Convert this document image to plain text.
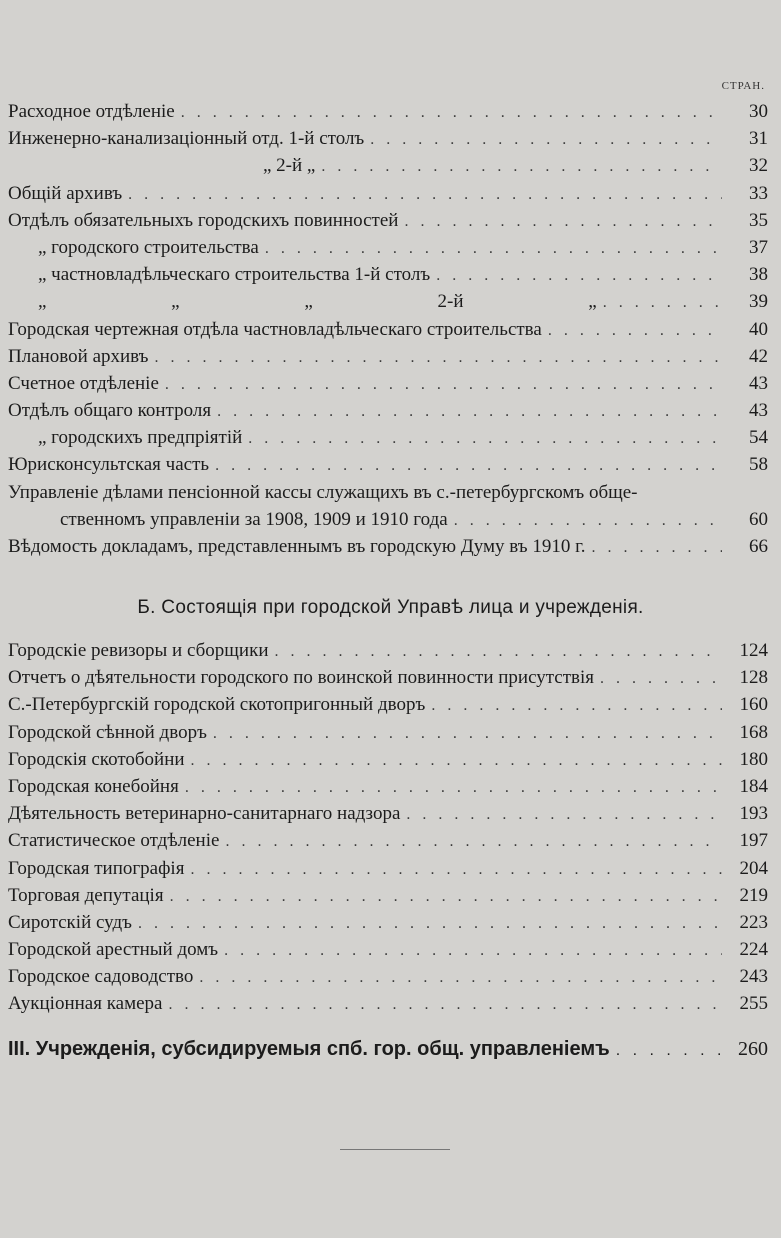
СТРАН.
Расходное отдѣленiе . . .	30
Инженерно-канализацiонный отд. 1-й столъ . . .	31
„ 2-й „ . . .	32
Общiй архивъ . . .	33
Отдѣлъ обязательныхъ городскихъ повинностей . . .	35
„ городского строительства . . .	37
„ частновладѣльческаго строительства 1-й столъ . . .	38
„ „ „ 2-й „ . . .	39
Городская чертежная отдѣла частновладѣльческаго строительства . . .	40
Плановой архивъ . . .	42
Счетное отдѣленiе . . .	43
Отдѣлъ общаго контроля . . .	43
„ городскихъ предпрiятiй . . .	54
Юрисконсультская часть . . .	58
Управленiе дѣлами пенсiонной кассы служащихъ въ с.-петербургскомъ обще-
ственномъ управленiи за 1908, 1909 и 1910 года . . .	60
Вѣдомость докладамъ, представленнымъ въ городскую Думу въ 1910 г. . . .	66
Б. Состоящiя при городской Управѣ лица и учрежденiя.
Городскiе ревизоры и сборщики . . .	124
Отчетъ о дѣятельности городского по воинской повинности присутствiя . . .	128
С.-Петербургскiй городской скотопригонный дворъ . . .	160
Городской сѣнной дворъ . . .	168
Городскiя скотобойни . . .	180
Городская конебойня . . .	184
Дѣятельность ветеринарно-санитарнаго надзора . . .	193
Статистическое отдѣленiе . . .	197
Городская типографiя . . .	204
Торговая депутацiя . . .	219
Сиротскiй судъ . . .	223
Городской арестный домъ . . .	224
Городское садоводство . . .	243
Аукцiонная камера . . .	255
III. Учрежденiя, субсидируемыя спб. гор. общ. управленiемъ . . .	260
